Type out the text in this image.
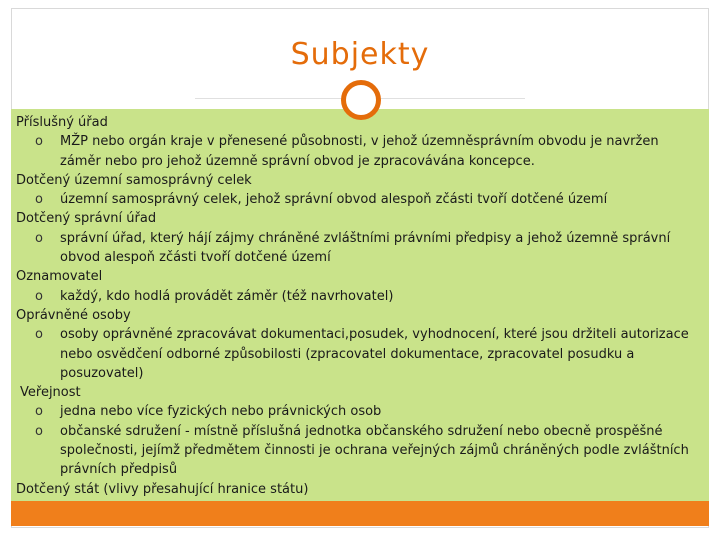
Subjekty

Příslušný úřad

o MŽP nebo orgán kraje v přenesené působnosti, v jehož územněsprávním obvodu je navržen záměr nebo pro jehož územně správní obvod je zpracovávána koncepce.

Dotčený územní samosprávný celek

o územní samosprávný celek, jehož správní obvod alespoň zčásti tvoří dotčené území

Dotčený správní úřad

o správní úřad, který hájí zájmy chráněné zvláštními právními předpisy a jehož územně správní obvod alespoň zčásti tvoří dotčené území

Oznamovatel

o každý, kdo hodlá provádět záměr (též navrhovatel)

Oprávněné osoby

o osoby oprávněné zpracovávat dokumentaci,posudek, vyhodnocení, které jsou držiteli autorizace nebo osvědčení odborné způsobilosti (zpracovatel dokumentace, zpracovatel posudku a posuzovatel)

Veřejnost

o jedna nebo více fyzických nebo právnických osob

o občanské sdružení - místně příslušná jednotka občanského sdružení nebo obecně prospěšné společnosti, jejímž předmětem činnosti je ochrana veřejných zájmů chráněných podle zvláštních právních předpisů

Dotčený stát (vlivy přesahující hranice státu)
